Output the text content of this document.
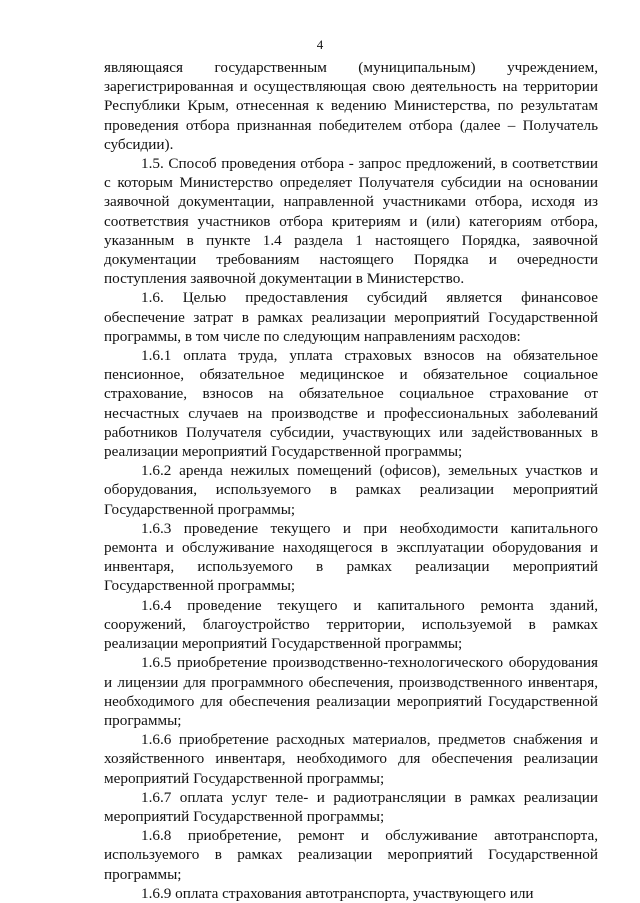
4

являющаяся государственным (муниципальным) учреждением, зарегистрированная и осуществляющая свою деятельность на территории Республики Крым, отнесенная к ведению Министерства, по результатам проведения отбора признанная победителем отбора (далее – Получатель субсидии).

1.5. Способ проведения отбора - запрос предложений, в соответствии с которым Министерство определяет Получателя субсидии на основании заявочной документации, направленной участниками отбора, исходя из соответствия участников отбора критериям и (или) категориям отбора, указанным в пункте 1.4 раздела 1 настоящего Порядка, заявочной документации требованиям настоящего Порядка и очередности поступления заявочной документации в Министерство.

1.6. Целью предоставления субсидий является финансовое обеспечение затрат в рамках реализации мероприятий Государственной программы, в том числе по следующим направлениям расходов:

1.6.1 оплата труда, уплата страховых взносов на обязательное пенсионное, обязательное медицинское и обязательное социальное страхование, взносов на обязательное социальное страхование от несчастных случаев на производстве и профессиональных заболеваний работников Получателя субсидии, участвующих или задействованных в реализации мероприятий Государственной программы;

1.6.2 аренда нежилых помещений (офисов), земельных участков и оборудования, используемого в рамках реализации мероприятий Государственной программы;

1.6.3 проведение текущего и при необходимости капитального ремонта и обслуживание находящегося в эксплуатации оборудования и инвентаря, используемого в рамках реализации мероприятий Государственной программы;

1.6.4 проведение текущего и капитального ремонта зданий, сооружений, благоустройство территории, используемой в рамках реализации мероприятий Государственной программы;

1.6.5 приобретение производственно-технологического оборудования и лицензии для программного обеспечения, производственного инвентаря, необходимого для обеспечения реализации мероприятий Государственной программы;

1.6.6 приобретение расходных материалов, предметов снабжения и хозяйственного инвентаря, необходимого для обеспечения реализации мероприятий Государственной программы;

1.6.7 оплата услуг теле- и радиотрансляции в рамках реализации мероприятий Государственной программы;

1.6.8 приобретение, ремонт и обслуживание автотранспорта, используемого в рамках реализации мероприятий Государственной программы;

1.6.9 оплата страхования автотранспорта, участвующего или
